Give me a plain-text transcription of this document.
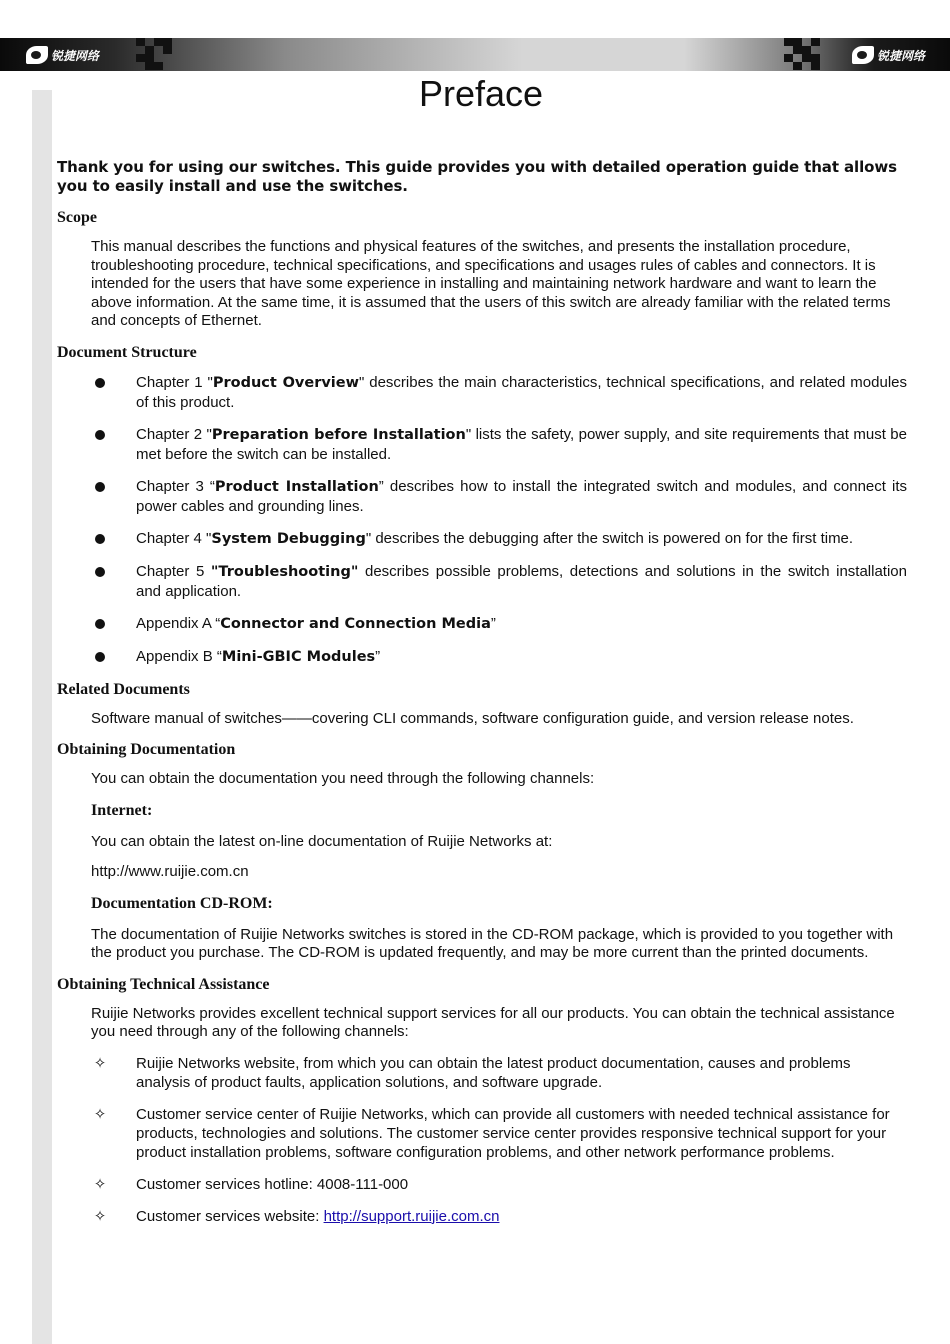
锐捷网络	锐捷网络
Preface

Thank you for using our switches. This guide provides you with detailed operation guide that allows you to easily install and use the switches.

Scope

This manual describes the functions and physical features of the switches, and presents the installation procedure, troubleshooting procedure, technical specifications, and specifications and usages rules of cables and connectors. It is intended for the users that have some experience in installing and maintaining network hardware and want to learn the above information. At the same time, it is assumed that the users of this switch are already familiar with the related terms and concepts of Ethernet.

Document Structure
Chapter 1 "Product Overview" describes the main characteristics, technical specifications, and related modules of this product.
Chapter 2 "Preparation before Installation" lists the safety, power supply, and site requirements that must be met before the switch can be installed.
Chapter 3 “Product Installation” describes how to install the integrated switch and modules, and connect its power cables and grounding lines.
Chapter 4 "System Debugging" describes the debugging after the switch is powered on for the first time.
Chapter 5 "Troubleshooting" describes possible problems, detections and solutions in the switch installation and application.
Appendix A “Connector and Connection Media”
Appendix B “Mini-GBIC Modules”
Related Documents

Software manual of switches——covering CLI commands, software configuration guide, and version release notes.

Obtaining Documentation

You can obtain the documentation you need through the following channels:

Internet:

You can obtain the latest on-line documentation of Ruijie Networks at:

http://www.ruijie.com.cn

Documentation CD-ROM:

The documentation of Ruijie Networks switches is stored in the CD-ROM package, which is provided to you together with the product you purchase. The CD-ROM is updated frequently, and may be more current than the printed documents.

Obtaining Technical Assistance

Ruijie Networks provides excellent technical support services for all our products. You can obtain the technical assistance you need through any of the following channels:

✧ Ruijie Networks website, from which you can obtain the latest product documentation, causes and problems analysis of product faults, application solutions, and software upgrade.
✧ Customer service center of Ruijie Networks, which can provide all customers with needed technical assistance for products, technologies and solutions. The customer service center provides responsive technical support for your product installation problems, software configuration problems, and other network performance problems.
✧ Customer services hotline: 4008-111-000
✧ Customer services website: http://support.ruijie.com.cn
